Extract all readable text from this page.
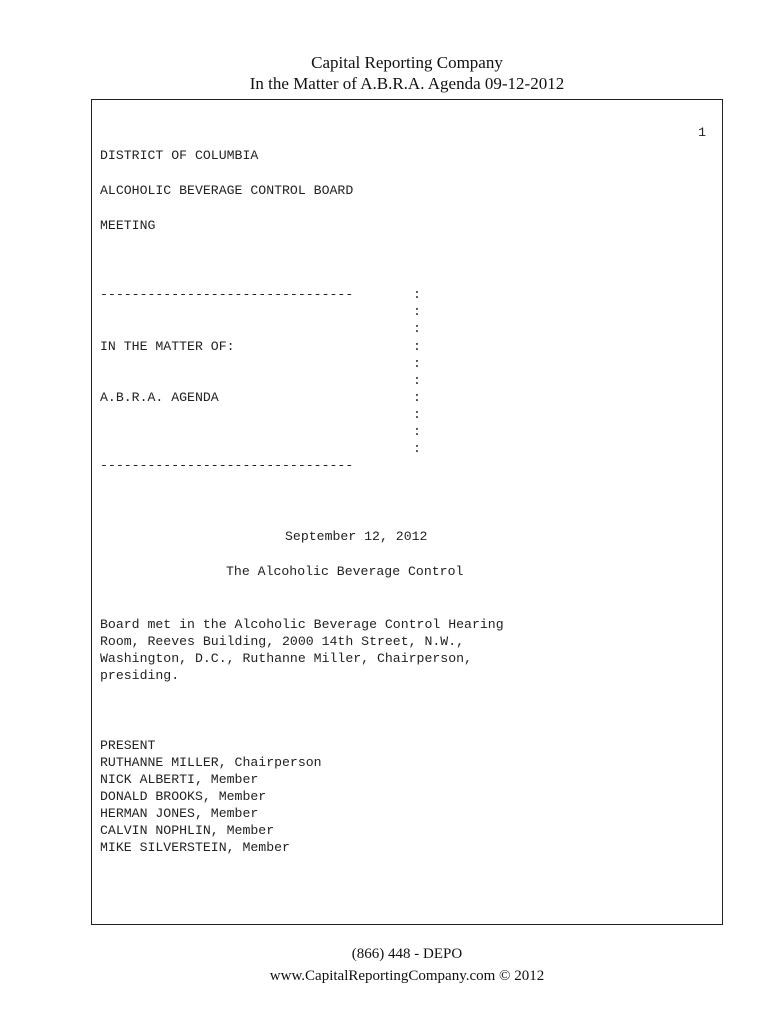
Capital Reporting Company
In the Matter of A.B.R.A. Agenda 09-12-2012
1
DISTRICT OF COLUMBIA
ALCOHOLIC BEVERAGE CONTROL BOARD
MEETING
--------------------------------
--------------------------------
:
:
:
:
:
:
:
:
:
:
IN THE MATTER OF:
A.B.R.A. AGENDA
September 12, 2012
The Alcoholic Beverage Control
Board met in the Alcoholic Beverage Control Hearing
Room, Reeves Building, 2000 14th Street, N.W.,
Washington, D.C., Ruthanne Miller, Chairperson,
presiding.
PRESENT
RUTHANNE MILLER, Chairperson
NICK ALBERTI, Member
DONALD BROOKS, Member
HERMAN JONES, Member
CALVIN NOPHLIN, Member
MIKE SILVERSTEIN, Member
(866) 448 - DEPO
www.CapitalReportingCompany.com © 2012
